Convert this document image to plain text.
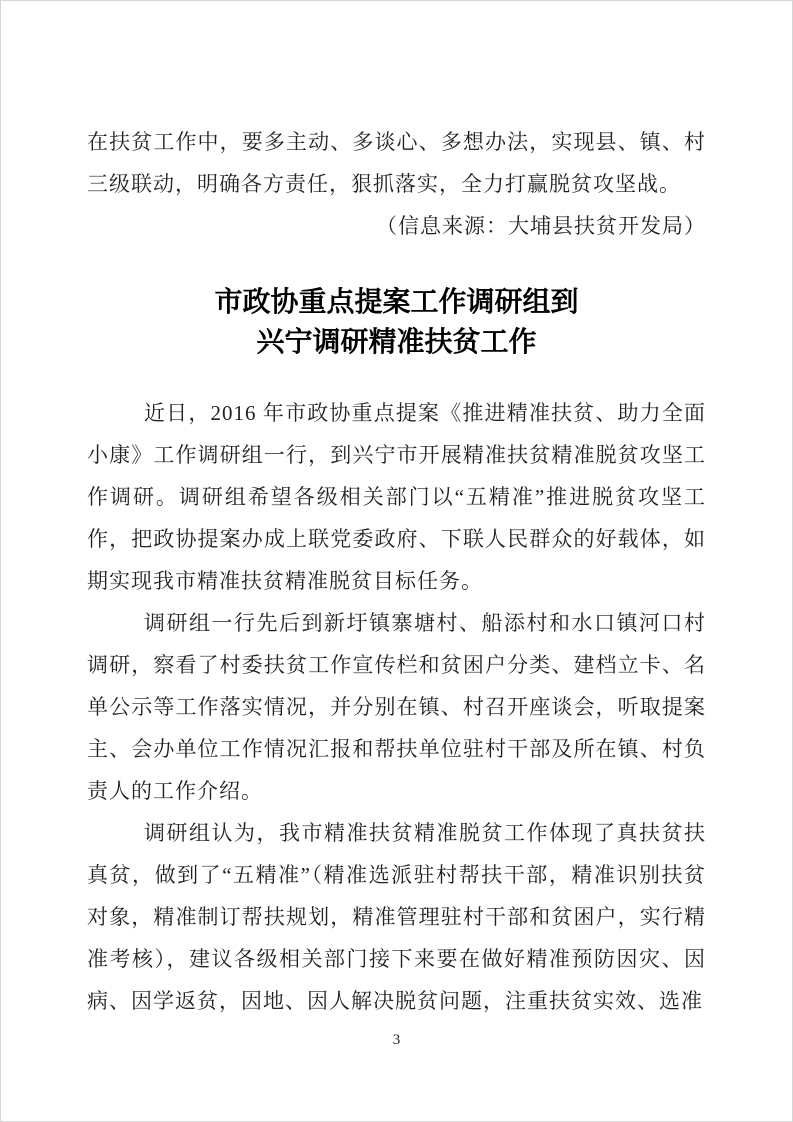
在扶贫工作中，要多主动、多谈心、多想办法，实现县、镇、村三级联动，明确各方责任，狠抓落实，全力打赢脱贫攻坚战。

（信息来源：大埔县扶贫开发局）

市政协重点提案工作调研组到
兴宁调研精准扶贫工作

近日，2016 年市政协重点提案《推进精准扶贫、助力全面小康》工作调研组一行，到兴宁市开展精准扶贫精准脱贫攻坚工作调研。调研组希望各级相关部门以“五精准”推进脱贫攻坚工作，把政协提案办成上联党委政府、下联人民群众的好载体，如期实现我市精准扶贫精准脱贫目标任务。

调研组一行先后到新圩镇寨塘村、船添村和水口镇河口村调研，察看了村委扶贫工作宣传栏和贫困户分类、建档立卡、名单公示等工作落实情况，并分别在镇、村召开座谈会，听取提案主、会办单位工作情况汇报和帮扶单位驻村干部及所在镇、村负责人的工作介绍。

调研组认为，我市精准扶贫精准脱贫工作体现了真扶贫扶真贫，做到了“五精准”（精准选派驻村帮扶干部，精准识别扶贫对象，精准制订帮扶规划，精准管理驻村干部和贫困户，实行精准考核），建议各级相关部门接下来要在做好精准预防因灾、因病、因学返贫，因地、因人解决脱贫问题，注重扶贫实效、选准

3
